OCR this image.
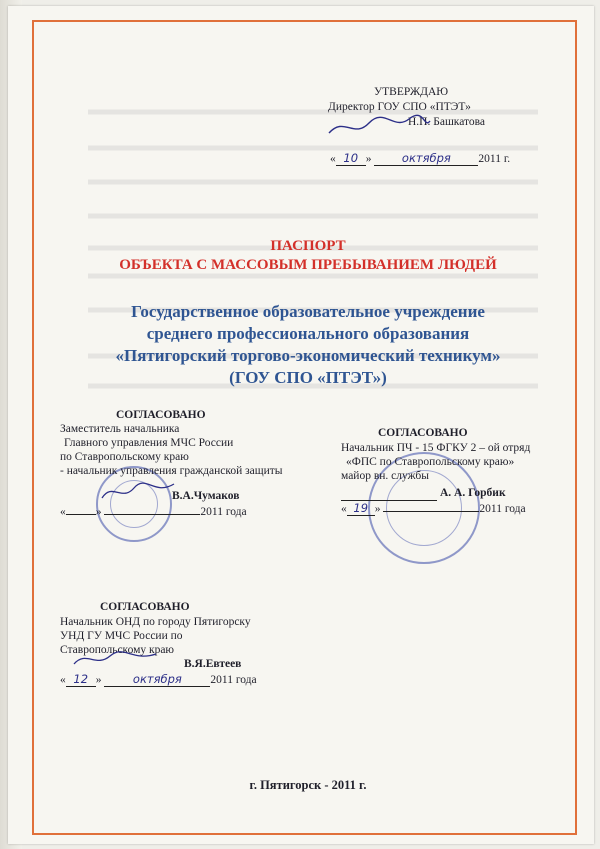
УТВЕРЖДАЮ
Директор ГОУ СПО «ПТЭТ»
Н.П. Башкатова
« 10 »	октября 2011 г.
ПАСПОРТ
ОБЪЕКТА С МАССОВЫМ ПРЕБЫВАНИЕМ ЛЮДЕЙ
Государственное образовательное учреждение
среднего профессионального образования
«Пятигорский торгово-экономический техникум»
(ГОУ СПО «ПТЭТ»)
СОГЛАСОВАНО
Заместитель начальника
Главного управления МЧС России
по Ставропольскому краю
- начальник управления гражданской защиты
В.А.Чумаков
«	»	2011 года
СОГЛАСОВАНО
Начальник ПЧ - 15 ФГКУ 2 – ой отряд
«ФПС по Ставропольскому краю»
майор вн. службы
А. А. Горбик
« 19 »	2011 года
СОГЛАСОВАНО
Начальник ОНД по городу Пятигорску
УНД ГУ МЧС России по
Ставропольскому краю
В.Я.Евтеев
« 12 »	октября 2011 года
г. Пятигорск - 2011 г.
